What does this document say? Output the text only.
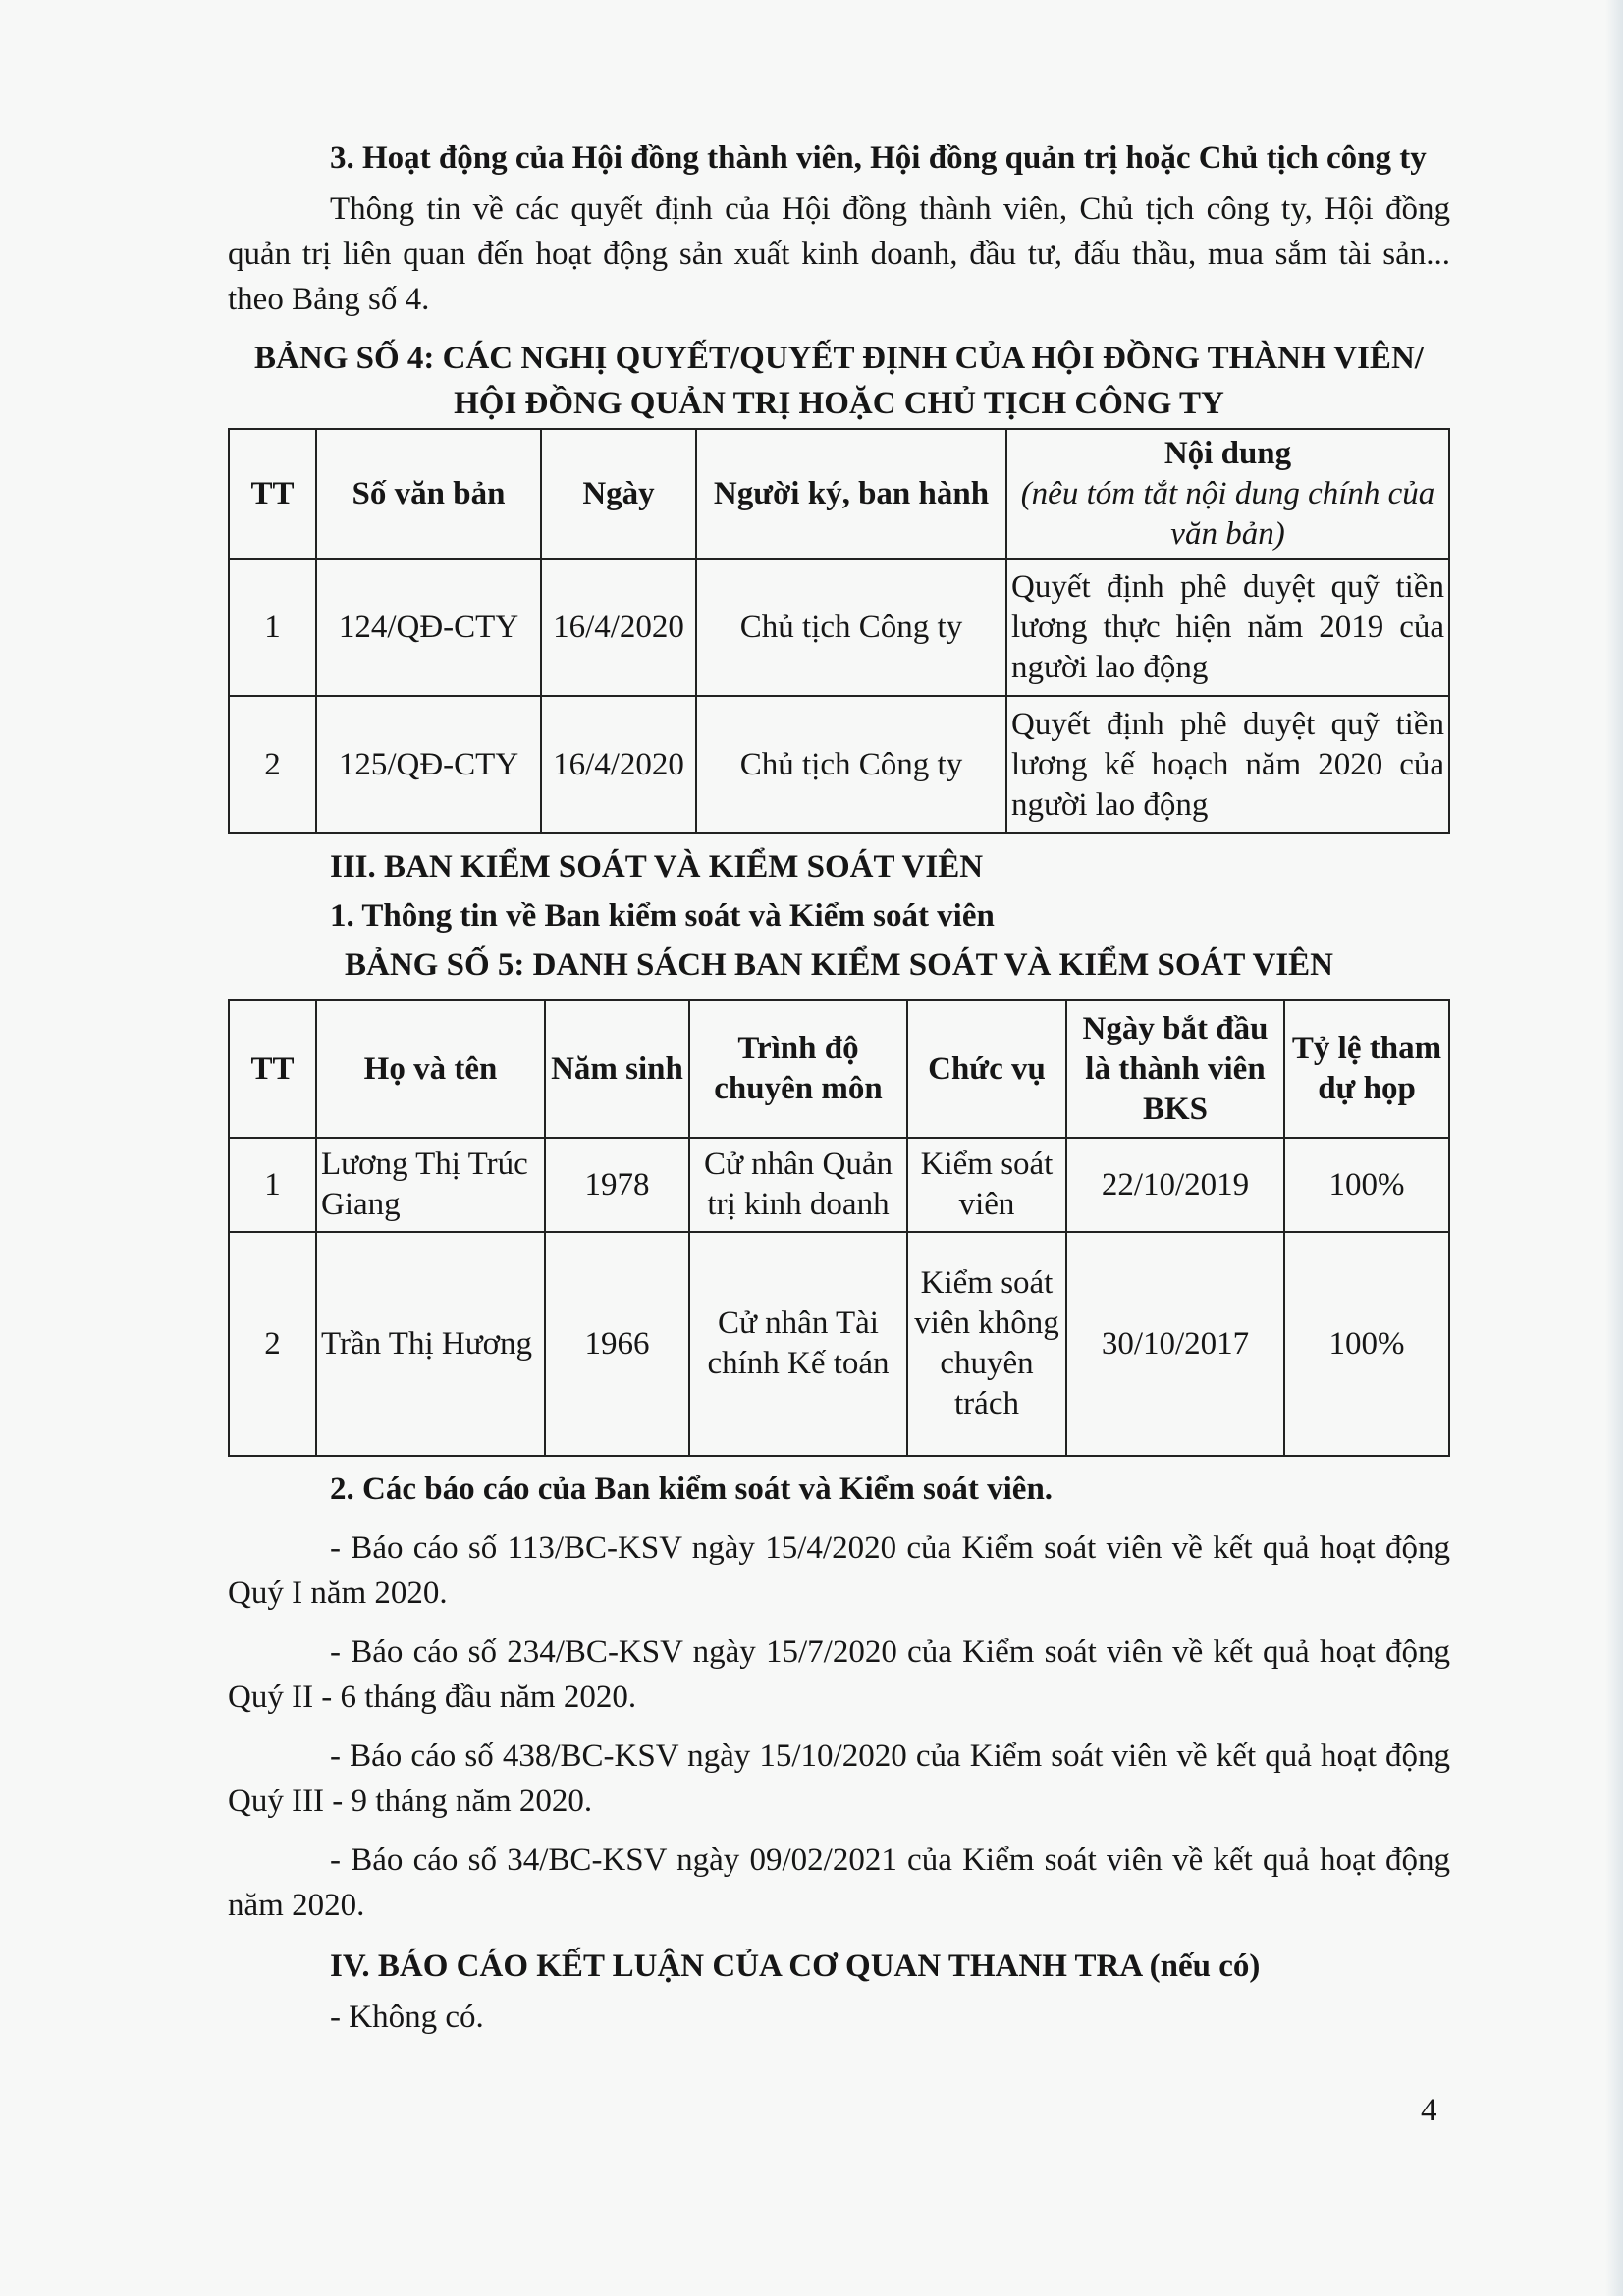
3. Hoạt động của Hội đồng thành viên, Hội đồng quản trị hoặc Chủ tịch công ty

Thông tin về các quyết định của Hội đồng thành viên, Chủ tịch công ty, Hội đồng quản trị liên quan đến hoạt động sản xuất kinh doanh, đầu tư, đấu thầu, mua sắm tài sản... theo Bảng số 4.

BẢNG SỐ 4: CÁC NGHỊ QUYẾT/QUYẾT ĐỊNH CỦA HỘI ĐỒNG THÀNH VIÊN/ HỘI ĐỒNG QUẢN TRỊ HOẶC CHỦ TỊCH CÔNG TY

TT	Số văn bản	Ngày	Người ký, ban hành	Nội dung
(nêu tóm tắt nội dung chính của văn bản)

1	124/QĐ-CTY	16/4/2020	Chủ tịch Công ty	Quyết định phê duyệt quỹ tiền lương thực hiện năm 2019 của người lao động
2	125/QĐ-CTY	16/4/2020	Chủ tịch Công ty	Quyết định phê duyệt quỹ tiền lương kế hoạch năm 2020 của người lao động

III. BAN KIỂM SOÁT VÀ KIỂM SOÁT VIÊN

1. Thông tin về Ban kiểm soát và Kiểm soát viên

BẢNG SỐ 5: DANH SÁCH BAN KIỂM SOÁT VÀ KIỂM SOÁT VIÊN

TT	Họ và tên	Năm sinh	Trình độ chuyên môn	Chức vụ	Ngày bắt đầu là thành viên BKS	Tỷ lệ tham dự họp
1	Lương Thị Trúc Giang	1978	Cử nhân Quản trị kinh doanh	Kiểm soát viên	22/10/2019	100%
2	Trần Thị Hương	1966	Cử nhân Tài chính Kế toán	Kiểm soát viên không chuyên trách	30/10/2017	100%

2. Các báo cáo của Ban kiểm soát và Kiểm soát viên.

- Báo cáo số 113/BC-KSV ngày 15/4/2020 của Kiểm soát viên về kết quả hoạt động Quý I năm 2020.

- Báo cáo số 234/BC-KSV ngày 15/7/2020 của Kiểm soát viên về kết quả hoạt động Quý II - 6 tháng đầu năm 2020.

- Báo cáo số 438/BC-KSV ngày 15/10/2020 của Kiểm soát viên về kết quả hoạt động Quý III - 9 tháng năm 2020.

- Báo cáo số 34/BC-KSV ngày 09/02/2021 của Kiểm soát viên về kết quả hoạt động năm 2020.

IV. BÁO CÁO KẾT LUẬN CỦA CƠ QUAN THANH TRA (nếu có)

- Không có.

4
